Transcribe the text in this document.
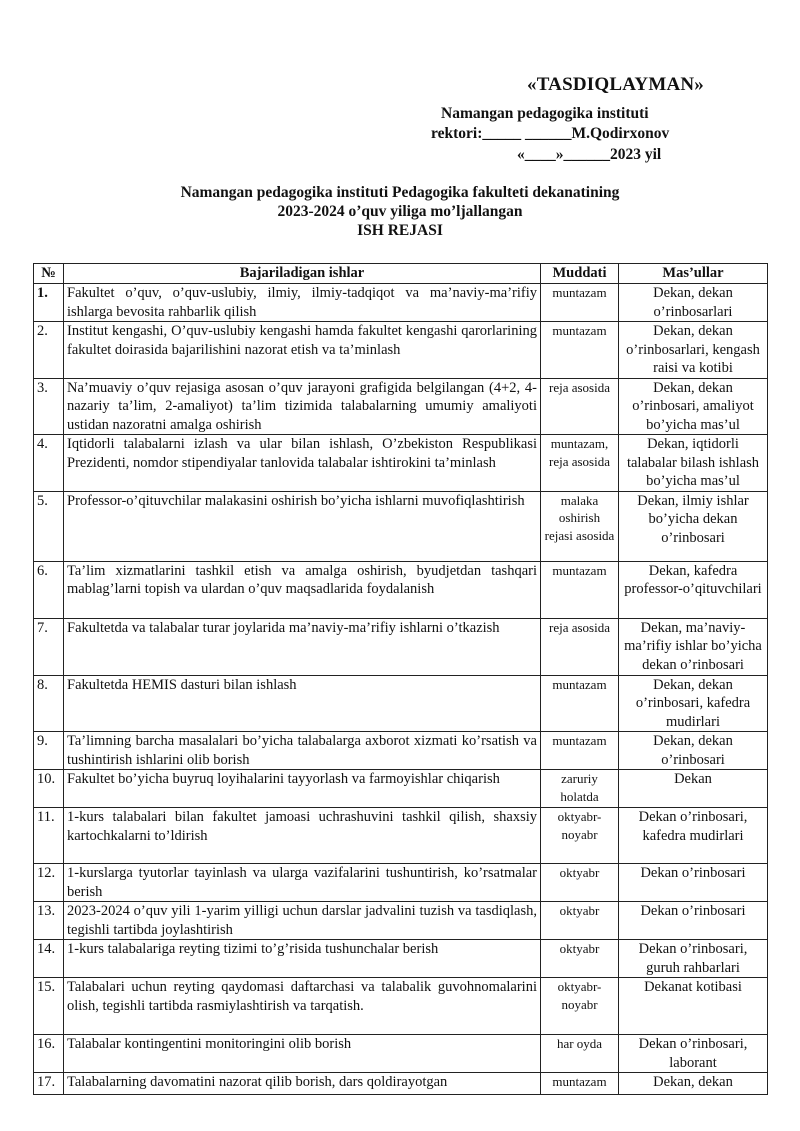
«TASDIQLAYMAN»
Namangan pedagogika instituti
rektori:_____ ______M.Qodirxonov
«____»______2023 yil
Namangan pedagogika instituti Pedagogika fakulteti dekanatining
2023-2024 o’quv yiliga mo’ljallangan
ISH REJASI
№	Bajariladigan ishlar	Muddati	Mas’ullar
1.	Fakultet o’quv, o’quv-uslubiy, ilmiy, ilmiy-tadqiqot va ma’naviy-ma’rifiy ishlarga bevosita rahbarlik qilish	muntazam	Dekan, dekan o’rinbosarlari
2.	Institut kengashi, O’quv-uslubiy kengashi hamda fakultet kengashi qarorlarining fakultet doirasida bajarilishini nazorat etish va ta’minlash	muntazam	Dekan, dekan o’rinbosarlari, kengash raisi va kotibi
3.	Na’muaviy o’quv rejasiga asosan o’quv jarayoni grafigida belgilangan (4+2, 4-nazariy ta’lim, 2-amaliyot) ta’lim tizimida talabalarning umumiy amaliyoti ustidan nazoratni amalga oshirish	reja asosida	Dekan, dekan o’rinbosari, amaliyot bo’yicha mas’ul
4.	Iqtidorli talabalarni izlash va ular bilan ishlash, O’zbekiston Respublikasi Prezidenti, nomdor stipendiyalar tanlovida talabalar ishtirokini ta’minlash	muntazam, reja asosida	Dekan, iqtidorli talabalar bilash ishlash bo’yicha mas’ul
5.	Professor-o’qituvchilar malakasini oshirish bo’yicha ishlarni muvofiqlashtirish	malaka oshirish rejasi asosida	Dekan, ilmiy ishlar bo’yicha dekan o’rinbosari
6.	Ta’lim xizmatlarini tashkil etish va amalga oshirish, byudjetdan tashqari mablag’larni topish va ulardan o’quv maqsadlarida foydalanish	muntazam	Dekan, kafedra professor-o’qituvchilari
7.	Fakultetda va talabalar turar joylarida ma’naviy-ma’rifiy ishlarni o’tkazish	reja asosida	Dekan, ma’naviy-ma’rifiy ishlar bo’yicha dekan o’rinbosari
8.	Fakultetda HEMIS dasturi bilan ishlash	muntazam	Dekan, dekan o’rinbosari, kafedra mudirlari
9.	Ta’limning barcha masalalari bo’yicha talabalarga axborot xizmati ko’rsatish va tushintirish ishlarini olib borish	muntazam	Dekan, dekan o’rinbosari
10.	Fakultet bo’yicha buyruq loyihalarini tayyorlash va farmoyishlar chiqarish	zaruriy holatda	Dekan
11.	1-kurs talabalari bilan fakultet jamoasi uchrashuvini tashkil qilish, shaxsiy kartochkalarni to’ldirish	oktyabr-noyabr	Dekan o’rinbosari, kafedra mudirlari
12.	1-kurslarga tyutorlar tayinlash va ularga vazifalarini tushuntirish, ko’rsatmalar berish	oktyabr	Dekan o’rinbosari
13.	2023-2024 o’quv yili 1-yarim yilligi uchun darslar jadvalini tuzish va tasdiqlash, tegishli tartibda joylashtirish	oktyabr	Dekan o’rinbosari
14.	1-kurs talabalariga reyting tizimi to’g’risida tushunchalar berish	oktyabr	Dekan o’rinbosari, guruh rahbarlari
15.	Talabalari uchun reyting qaydomasi daftarchasi va talabalik guvohnomalarini olish, tegishli tartibda rasmiylashtirish va tarqatish.	oktyabr-noyabr	Dekanat kotibasi
16.	Talabalar kontingentini monitoringini olib borish	har oyda	Dekan o’rinbosari, laborant
17.	Talabalarning davomatini nazorat qilib borish, dars qoldirayotgan	muntazam	Dekan, dekan
